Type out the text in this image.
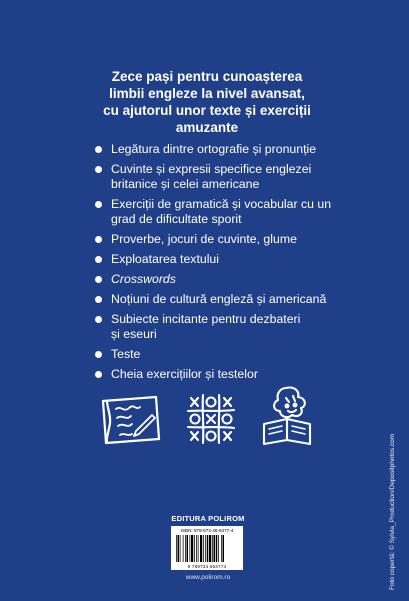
Zece pași pentru cunoașterea
limbii engleze la nivel avansat,
cu ajutorul unor texte și exerciții
amuzante
Legătura dintre ortografie și pronunție
Cuvinte și expresii specifice englezei
britanice și celei americane
Exerciții de gramatică și vocabular cu un
grad de dificultate sporit
Proverbe, jocuri de cuvinte, glume
Exploatarea textului
Crosswords
Noțiuni de cultură engleză și americană
Subiecte incitante pentru dezbateri
și eseuri
Teste
Cheia exercițiilor și testelor
Foto copertă: © Sylvia_Production/Depositphotos.com
EDITURA POLIROM
ISBN: 978-973-46-6377-4
9 789734 663774
www.polirom.ro
